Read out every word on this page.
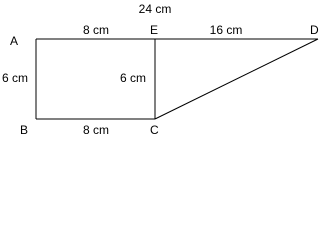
24 cm
A
E	D
B	C
8 cm	16 cm
6 cm	6 cm
8 cm
